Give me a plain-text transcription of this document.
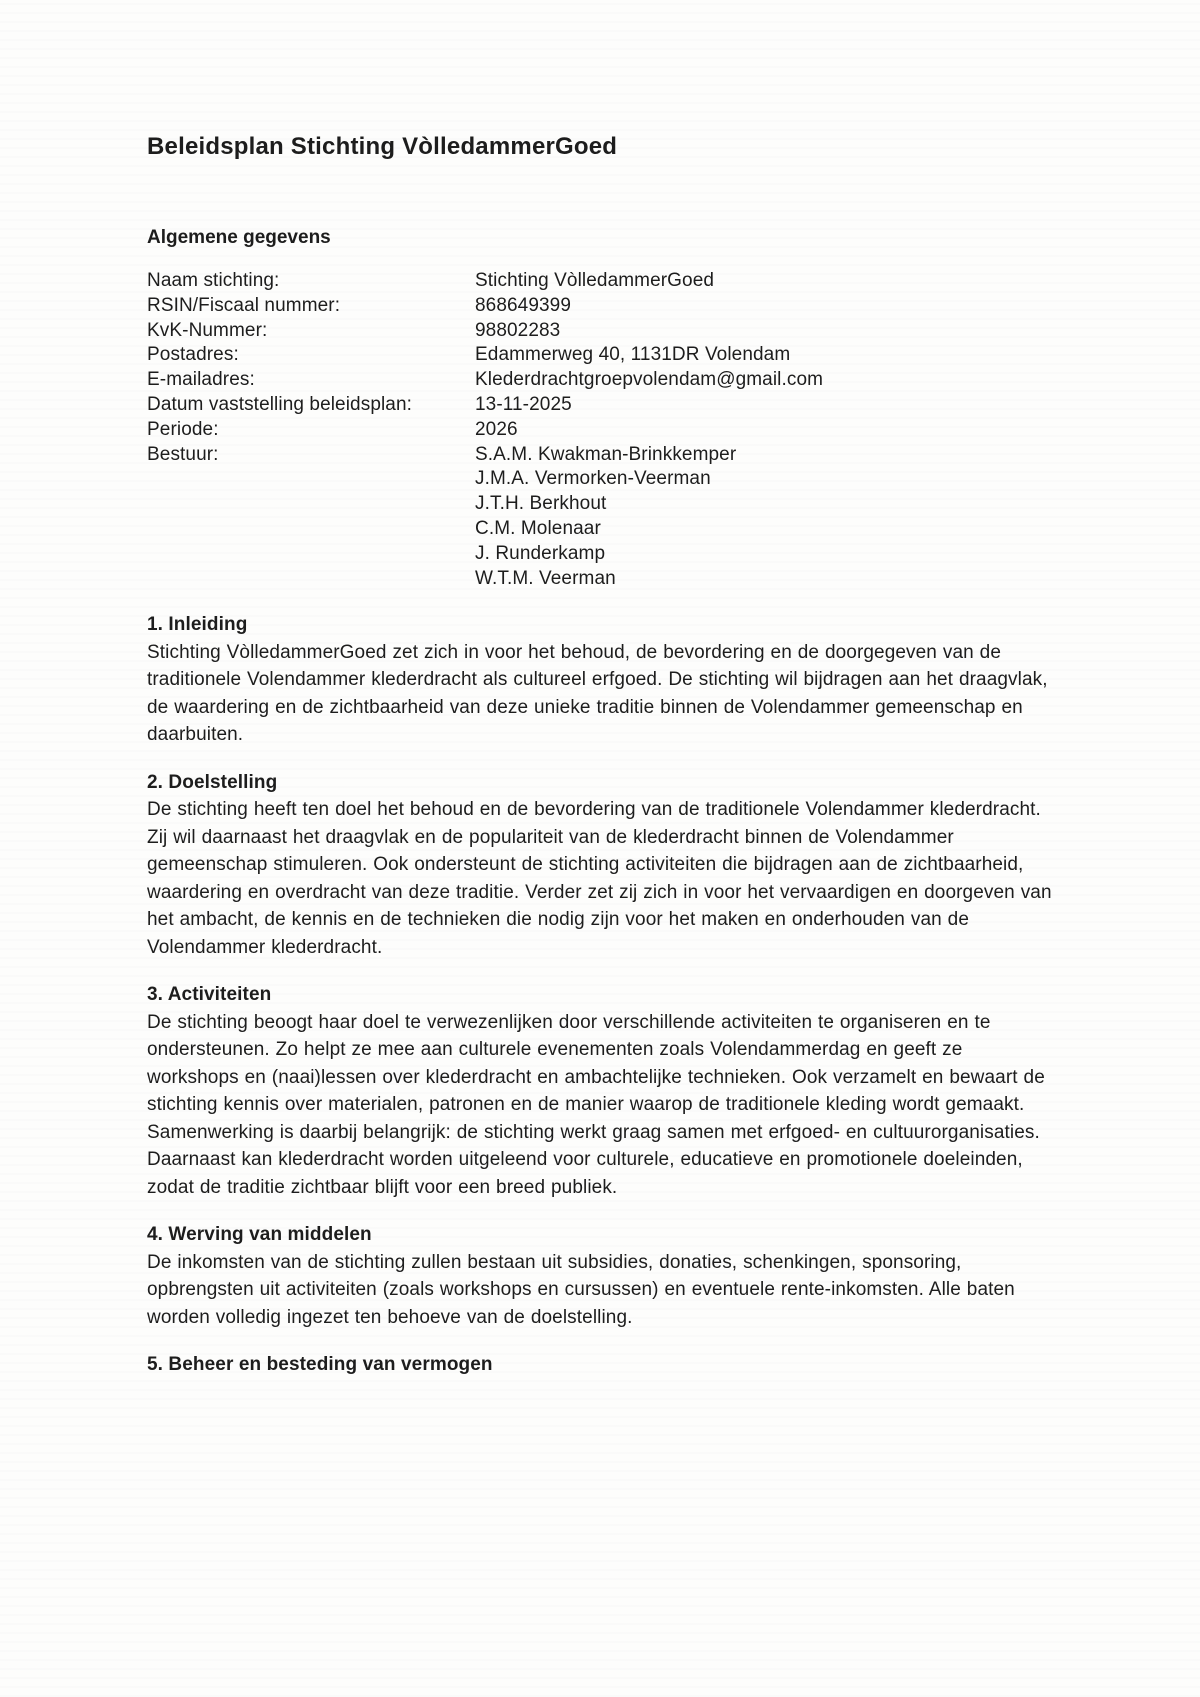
Beleidsplan Stichting VòlledammerGoed
Algemene gegevens
Naam stichting:	Stichting VòlledammerGoed
RSIN/Fiscaal nummer:	868649399
KvK-Nummer:	98802283
Postadres:	Edammerweg 40, 1131DR Volendam
E-mailadres:	Klederdrachtgroepvolendam@gmail.com
Datum vaststelling beleidsplan:	13-11-2025
Periode:	2026
Bestuur:	S.A.M. Kwakman-Brinkkemper
J.M.A. Vermorken-Veerman
J.T.H. Berkhout
C.M. Molenaar
J. Runderkamp
W.T.M. Veerman
1. Inleiding

Stichting VòlledammerGoed zet zich in voor het behoud, de bevordering en de doorgegeven van de traditionele Volendammer klederdracht als cultureel erfgoed. De stichting wil bijdragen aan het draagvlak, de waardering en de zichtbaarheid van deze unieke traditie binnen de Volendammer gemeenschap en daarbuiten.

2. Doelstelling

De stichting heeft ten doel het behoud en de bevordering van de traditionele Volendammer klederdracht. Zij wil daarnaast het draagvlak en de populariteit van de klederdracht binnen de Volendammer gemeenschap stimuleren. Ook ondersteunt de stichting activiteiten die bijdragen aan de zichtbaarheid, waardering en overdracht van deze traditie. Verder zet zij zich in voor het vervaardigen en doorgeven van het ambacht, de kennis en de technieken die nodig zijn voor het maken en onderhouden van de Volendammer klederdracht.

3. Activiteiten

De stichting beoogt haar doel te verwezenlijken door verschillende activiteiten te organiseren en te ondersteunen. Zo helpt ze mee aan culturele evenementen zoals Volendammerdag en geeft ze workshops en (naai)lessen over klederdracht en ambachtelijke technieken. Ook verzamelt en bewaart de stichting kennis over materialen, patronen en de manier waarop de traditionele kleding wordt gemaakt. Samenwerking is daarbij belangrijk: de stichting werkt graag samen met erfgoed- en cultuurorganisaties. Daarnaast kan klederdracht worden uitgeleend voor culturele, educatieve en promotionele doeleinden, zodat de traditie zichtbaar blijft voor een breed publiek.

4. Werving van middelen

De inkomsten van de stichting zullen bestaan uit subsidies, donaties, schenkingen, sponsoring, opbrengsten uit activiteiten (zoals workshops en cursussen) en eventuele rente-inkomsten. Alle baten worden volledig ingezet ten behoeve van de doelstelling.

5. Beheer en besteding van vermogen
